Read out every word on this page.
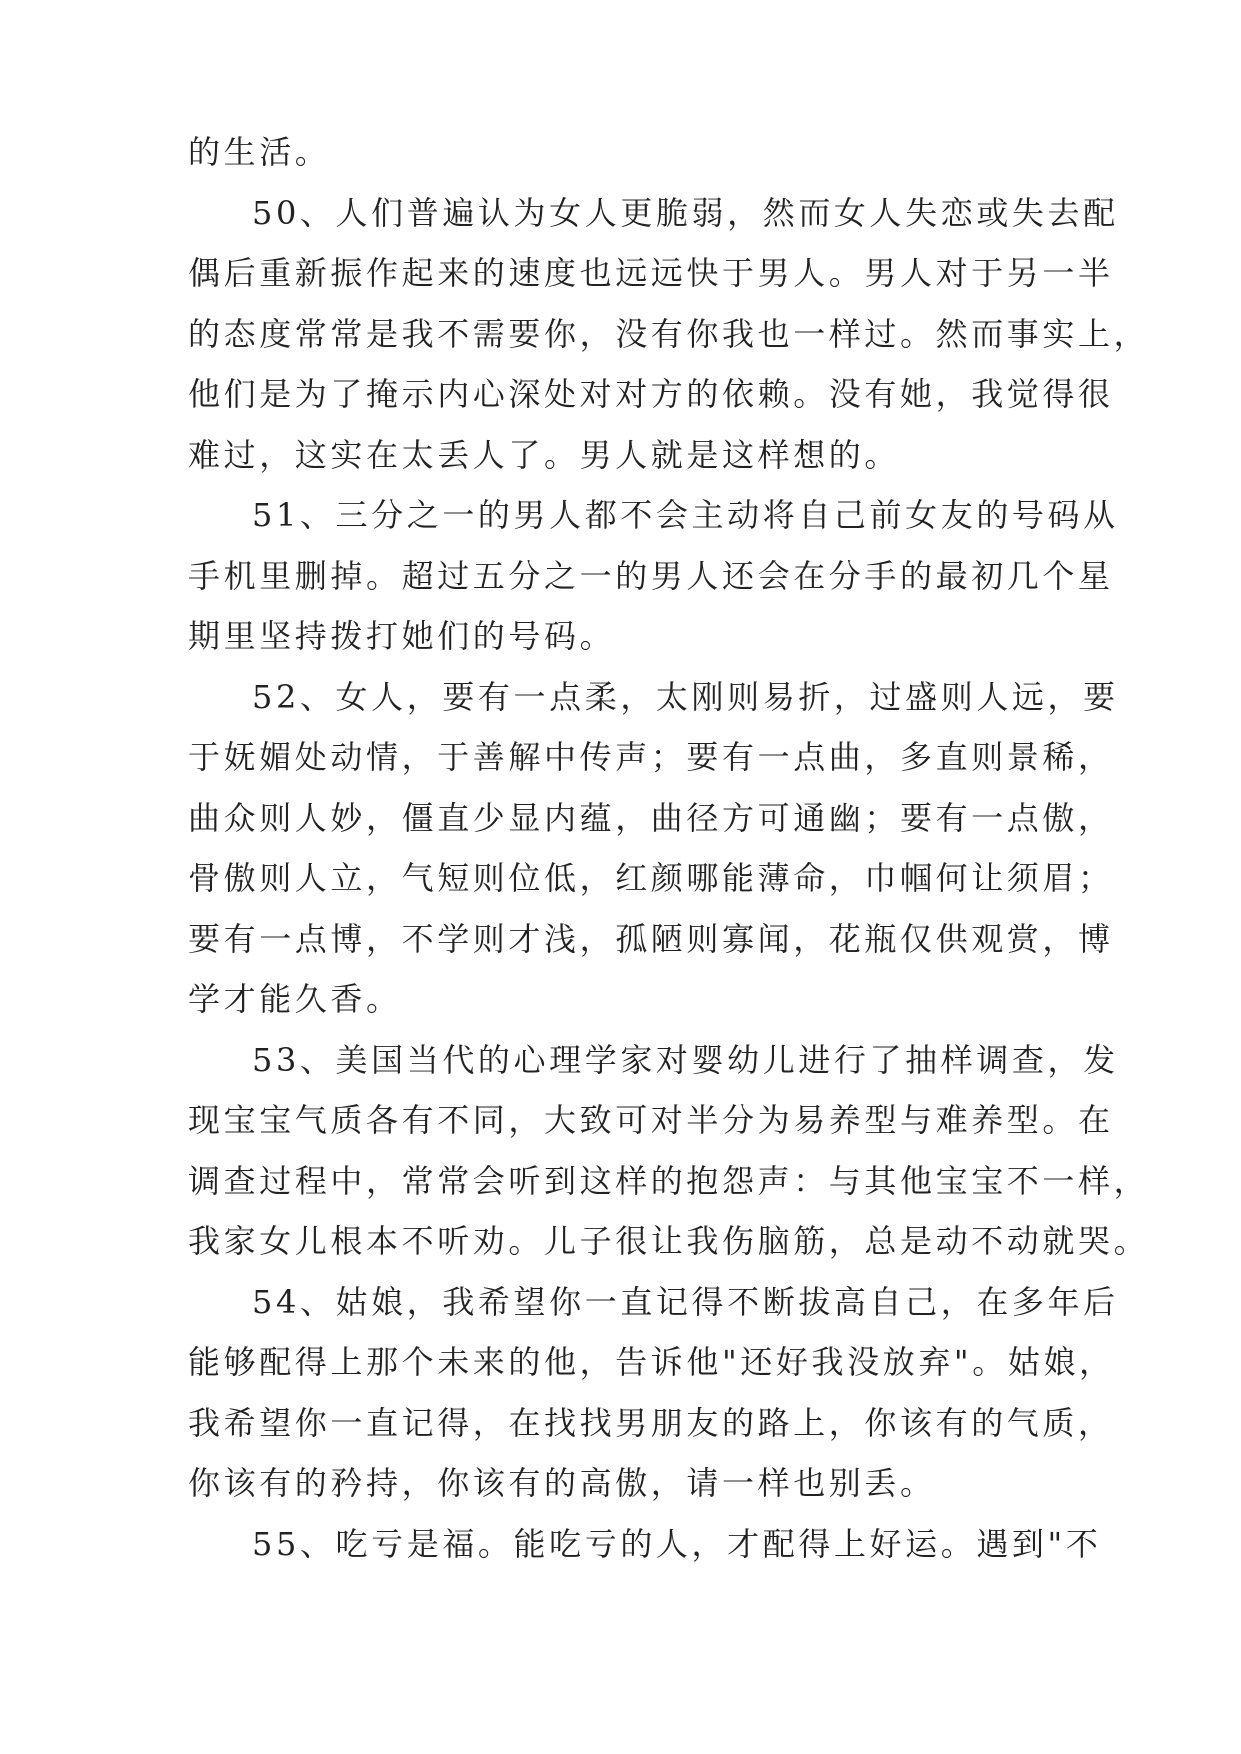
的生活。
50、人们普遍认为女人更脆弱，然而女人失恋或失去配
偶后重新振作起来的速度也远远快于男人。男人对于另一半
的态度常常是我不需要你，没有你我也一样过。然而事实上，
他们是为了掩示内心深处对对方的依赖。没有她，我觉得很
难过，这实在太丢人了。男人就是这样想的。
51、三分之一的男人都不会主动将自己前女友的号码从
手机里删掉。超过五分之一的男人还会在分手的最初几个星
期里坚持拨打她们的号码。
52、女人，要有一点柔，太刚则易折，过盛则人远，要
于妩媚处动情，于善解中传声；要有一点曲，多直则景稀，
曲众则人妙，僵直少显内蕴，曲径方可通幽；要有一点傲，
骨傲则人立，气短则位低，红颜哪能薄命，巾帼何让须眉；
要有一点博，不学则才浅，孤陋则寡闻，花瓶仅供观赏，博
学才能久香。
53、美国当代的心理学家对婴幼儿进行了抽样调查，发
现宝宝气质各有不同，大致可对半分为易养型与难养型。在
调查过程中，常常会听到这样的抱怨声：与其他宝宝不一样，
我家女儿根本不听劝。儿子很让我伤脑筋，总是动不动就哭。
54、姑娘，我希望你一直记得不断拔高自己，在多年后
能够配得上那个未来的他，告诉他"还好我没放弃"。姑娘，
我希望你一直记得，在找找男朋友的路上，你该有的气质，
你该有的矜持，你该有的高傲，请一样也别丢。
55、吃亏是福。能吃亏的人，才配得上好运。遇到"不
